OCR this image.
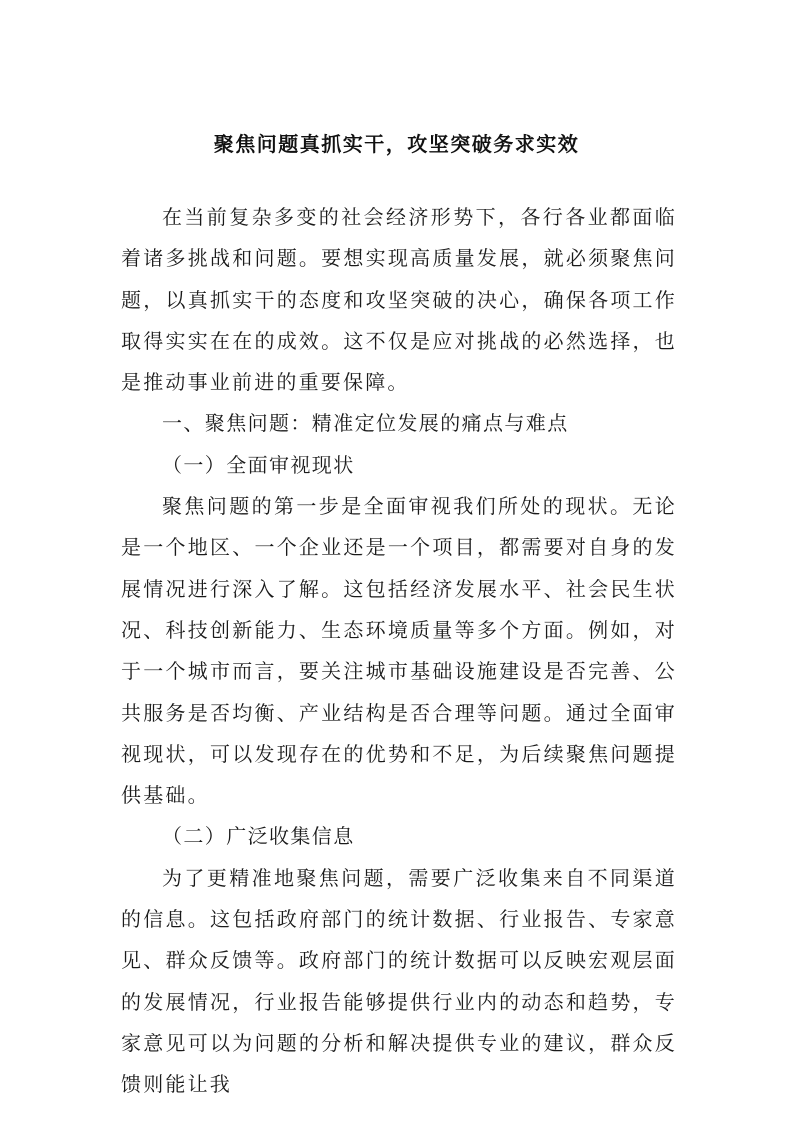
聚焦问题真抓实干，攻坚突破务求实效

在当前复杂多变的社会经济形势下，各行各业都面临着诸多挑战和问题。要想实现高质量发展，就必须聚焦问题，以真抓实干的态度和攻坚突破的决心，确保各项工作取得实实在在的成效。这不仅是应对挑战的必然选择，也是推动事业前进的重要保障。

一、聚焦问题：精准定位发展的痛点与难点

（一）全面审视现状

聚焦问题的第一步是全面审视我们所处的现状。无论是一个地区、一个企业还是一个项目，都需要对自身的发展情况进行深入了解。这包括经济发展水平、社会民生状况、科技创新能力、生态环境质量等多个方面。例如，对于一个城市而言，要关注城市基础设施建设是否完善、公共服务是否均衡、产业结构是否合理等问题。通过全面审视现状，可以发现存在的优势和不足，为后续聚焦问题提供基础。

（二）广泛收集信息

为了更精准地聚焦问题，需要广泛收集来自不同渠道的信息。这包括政府部门的统计数据、行业报告、专家意见、群众反馈等。政府部门的统计数据可以反映宏观层面的发展情况，行业报告能够提供行业内的动态和趋势，专家意见可以为问题的分析和解决提供专业的建议，群众反馈则能让我
